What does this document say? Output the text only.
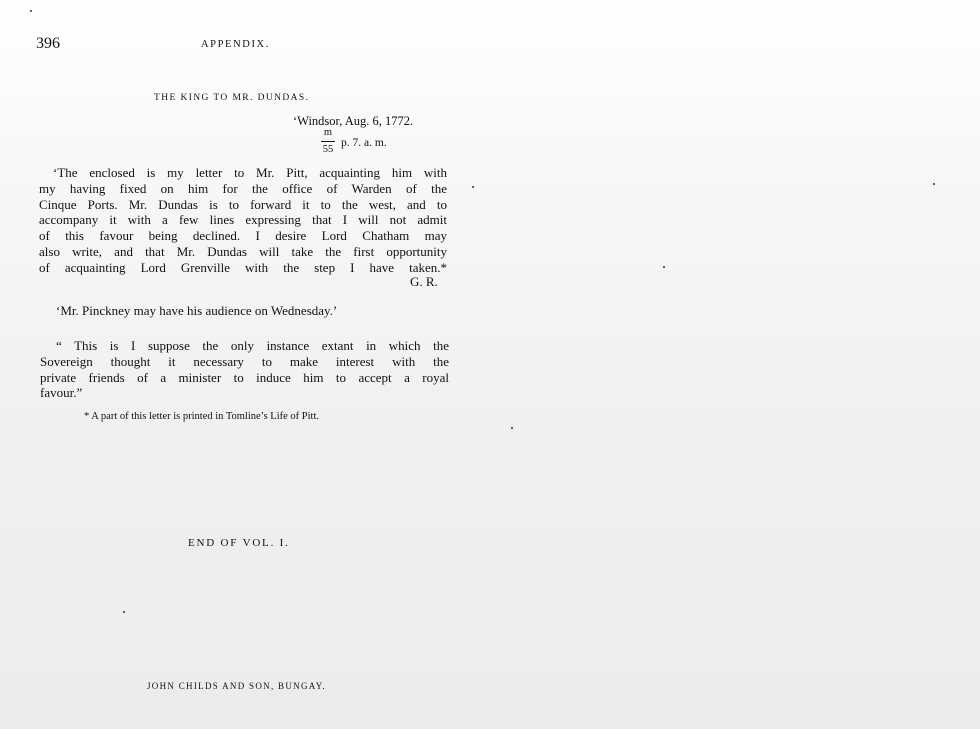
396	APPENDIX.
THE KING TO MR. DUNDAS.
‘Windsor, Aug. 6, 1772.
m
55
p. 7. a. m.
‘The enclosed is my letter to Mr. Pitt, acquainting him with
my having fixed on him for the office of Warden of the
Cinque Ports. Mr. Dundas is to forward it to the west, and to
accompany it with a few lines expressing that I will not admit
of this favour being declined. I desire Lord Chatham may
also write, and that Mr. Dundas will take the first opportunity
of acquainting Lord Grenville with the step I have taken.*
G. R.
‘Mr. Pinckney may have his audience on Wednesday.’
“ This is I suppose the only instance extant in which the
Sovereign thought it necessary to make interest with the
private friends of a minister to induce him to accept a royal
favour.”
* A part of this letter is printed in Tomline’s Life of Pitt.
END OF VOL. I.
JOHN CHILDS AND SON, BUNGAY.
